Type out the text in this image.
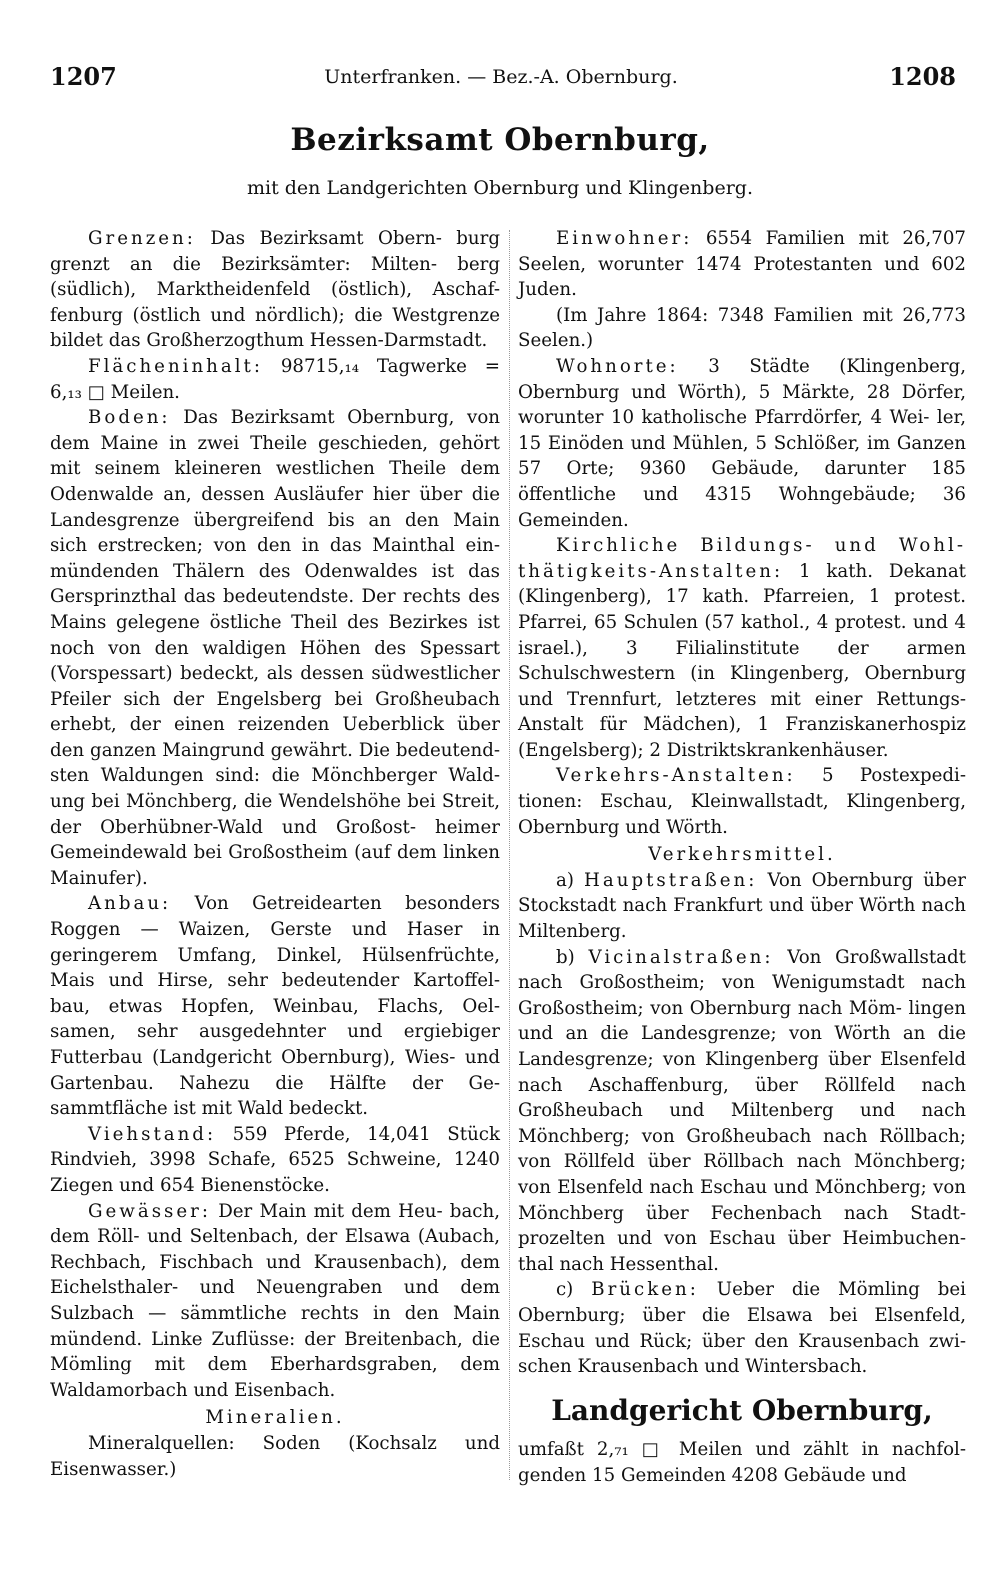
1207	Unterfranken. — Bez.-A. Obernburg.	1208
Bezirksamt Obernburg,
mit den Landgerichten Obernburg und Klingenberg.

Grenzen: Das Bezirksamt Obern- burg grenzt an die Bezirksämter: Milten- berg (südlich), Marktheidenfeld (östlich), Aschaf- fenburg (östlich und nördlich); die Westgrenze bildet das Großherzogthum Hessen-Darmstadt.

Flächeninhalt: 98715,₁₄ Tagwerke = 6,₁₃ □ Meilen.

Boden: Das Bezirksamt Obernburg, von dem Maine in zwei Theile geschieden, gehört mit seinem kleineren westlichen Theile dem Odenwalde an, dessen Ausläufer hier über die Landesgrenze übergreifend bis an den Main sich erstrecken; von den in das Mainthal ein- mündenden Thälern des Odenwaldes ist das Gersprinzthal das bedeutendste. Der rechts des Mains gelegene östliche Theil des Bezirkes ist noch von den waldigen Höhen des Spessart (Vorspessart) bedeckt, als dessen südwestlicher Pfeiler sich der Engelsberg bei Großheubach erhebt, der einen reizenden Ueberblick über den ganzen Maingrund gewährt. Die bedeutend- sten Waldungen sind: die Mönchberger Wald- ung bei Mönchberg, die Wendelshöhe bei Streit, der Oberhübner-Wald und Großost- heimer Gemeindewald bei Großostheim (auf dem linken Mainufer).

Anbau: Von Getreidearten besonders Roggen — Waizen, Gerste und Haser in geringerem Umfang, Dinkel, Hülsenfrüchte, Mais und Hirse, sehr bedeutender Kartoffel- bau, etwas Hopfen, Weinbau, Flachs, Oel- samen, sehr ausgedehnter und ergiebiger Futterbau (Landgericht Obernburg), Wies- und Gartenbau. Nahezu die Hälfte der Ge- sammtfläche ist mit Wald bedeckt.

Viehstand: 559 Pferde, 14,041 Stück Rindvieh, 3998 Schafe, 6525 Schweine, 1240 Ziegen und 654 Bienenstöcke.

Gewässer: Der Main mit dem Heu- bach, dem Röll- und Seltenbach, der Elsawa (Aubach, Rechbach, Fischbach und Krausenbach), dem Eichelsthaler- und Neuengraben und dem Sulzbach — sämmtliche rechts in den Main mündend. Linke Zuflüsse: der Breitenbach, die Mömling mit dem Eberhardsgraben, dem Waldamorbach und Eisenbach.

Mineralien.

Mineralquellen: Soden (Kochsalz und Eisenwasser.)

Einwohner: 6554 Familien mit 26,707 Seelen, worunter 1474 Protestanten und 602 Juden.

(Im Jahre 1864: 7348 Familien mit 26,773 Seelen.)

Wohnorte: 3 Städte (Klingenberg, Obernburg und Wörth), 5 Märkte, 28 Dörfer, worunter 10 katholische Pfarrdörfer, 4 Wei- ler, 15 Einöden und Mühlen, 5 Schlößer, im Ganzen 57 Orte; 9360 Gebäude, darunter 185 öffentliche und 4315 Wohngebäude; 36 Gemeinden.

Kirchliche Bildungs- und Wohl- thätigkeits-Anstalten: 1 kath. Dekanat (Klingenberg), 17 kath. Pfarreien, 1 protest. Pfarrei, 65 Schulen (57 kathol., 4 protest. und 4 israel.), 3 Filialinstitute der armen Schulschwestern (in Klingenberg, Obernburg und Trennfurt, letzteres mit einer Rettungs- Anstalt für Mädchen), 1 Franziskanerhospiz (Engelsberg); 2 Distriktskrankenhäuser.

Verkehrs-Anstalten: 5 Postexpedi- tionen: Eschau, Kleinwallstadt, Klingenberg, Obernburg und Wörth.

Verkehrsmittel.

a) Hauptstraßen: Von Obernburg über Stockstadt nach Frankfurt und über Wörth nach Miltenberg.

b) Vicinalstraßen: Von Großwallstadt nach Großostheim; von Wenigumstadt nach Großostheim; von Obernburg nach Möm- lingen und an die Landesgrenze; von Wörth an die Landesgrenze; von Klingenberg über Elsenfeld nach Aschaffenburg, über Röllfeld nach Großheubach und Miltenberg und nach Mönchberg; von Großheubach nach Röllbach; von Röllfeld über Röllbach nach Mönchberg; von Elsenfeld nach Eschau und Mönchberg; von Mönchberg über Fechenbach nach Stadt- prozelten und von Eschau über Heimbuchen- thal nach Hessenthal.

c) Brücken: Ueber die Mömling bei Obernburg; über die Elsawa bei Elsenfeld, Eschau und Rück; über den Krausenbach zwi- schen Krausenbach und Wintersbach.

Landgericht Obernburg,

umfaßt 2,₇₁ □ Meilen und zählt in nachfol- genden 15 Gemeinden 4208 Gebäude und
